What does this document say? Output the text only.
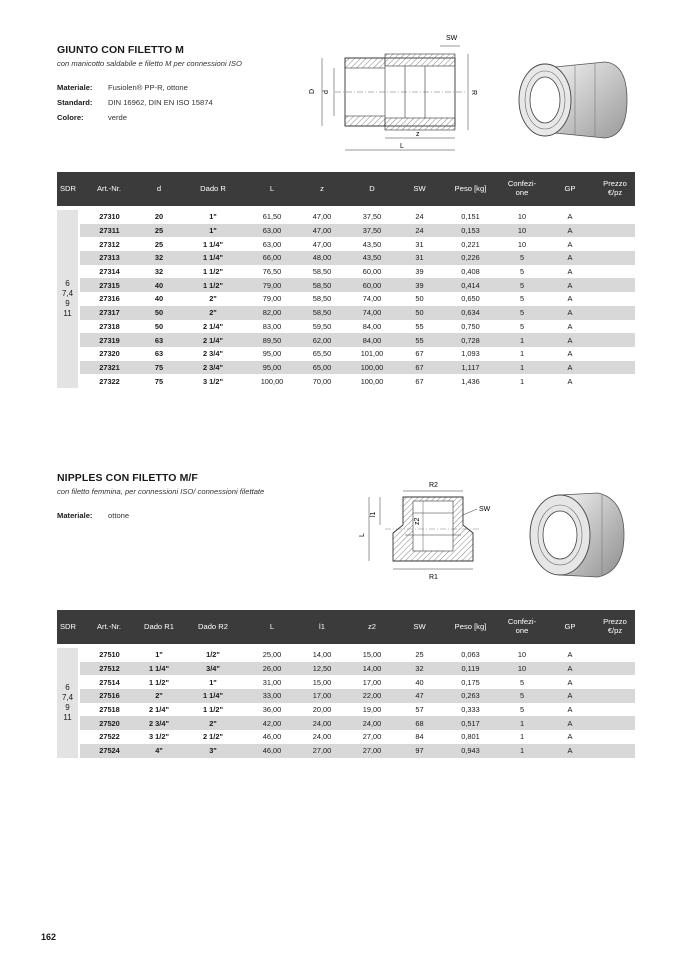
GIUNTO CON FILETTO M
con manicotto saldabile e filetto M per connessioni ISO
Materiale:	Fusiolen® PP-R, ottone
Standard:	DIN 16962, DIN EN ISO 15874
Colore:	verde
SW
D d	R
z
L
SDR	Art.-Nr.	d	Dado R	L	z	D	SW	Peso [kg]	Confezi- one	GP	Prezzo €/pz

6
7,4
9
11	27310	20	1"	61,50	47,00	37,50	24	0,151	10	A	
	27311	25	1"	63,00	47,00	37,50	24	0,153	10	A	
	27312	25	1 1/4"	63,00	47,00	43,50	31	0,221	10	A	
	27313	32	1 1/4"	66,00	48,00	43,50	31	0,226	5	A	
	27314	32	1 1/2"	76,50	58,50	60,00	39	0,408	5	A	
	27315	40	1 1/2"	79,00	58,50	60,00	39	0,414	5	A	
	27316	40	2"	79,00	58,50	74,00	50	0,650	5	A	
	27317	50	2"	82,00	58,50	74,00	50	0,634	5	A	
	27318	50	2 1/4"	83,00	59,50	84,00	55	0,750	5	A	
	27319	63	2 1/4"	89,50	62,00	84,00	55	0,728	1	A	
	27320	63	2 3/4"	95,00	65,50	101,00	67	1,093	1	A	
	27321	75	2 3/4"	95,00	65,00	100,00	67	1,117	1	A	
	27322	75	3 1/2"	100,00	70,00	100,00	67	1,436	1	A	
NIPPLES CON FILETTO M/F
con filetto femmina, per connessioni ISO/ connessioni filettate
Materiale:	ottone
R2
SW
l1
z2
L
R1
SDR	Art.-Nr.	Dado R1	Dado R2	L	l1	z2	SW	Peso [kg]	Confezi- one	GP	Prezzo €/pz

6
7,4
9
11	27510	1"	1/2"	25,00	14,00	15,00	25	0,063	10	A	
	27512	1 1/4"	3/4"	26,00	12,50	14,00	32	0,119	10	A	
	27514	1 1/2"	1"	31,00	15,00	17,00	40	0,175	5	A	
	27516	2"	1 1/4"	33,00	17,00	22,00	47	0,263	5	A	
	27518	2 1/4"	1 1/2"	36,00	20,00	19,00	57	0,333	5	A	
	27520	2 3/4"	2"	42,00	24,00	24,00	68	0,517	1	A	
	27522	3 1/2"	2 1/2"	46,00	24,00	27,00	84	0,801	1	A	
	27524	4"	3"	46,00	27,00	27,00	97	0,943	1	A	
162
